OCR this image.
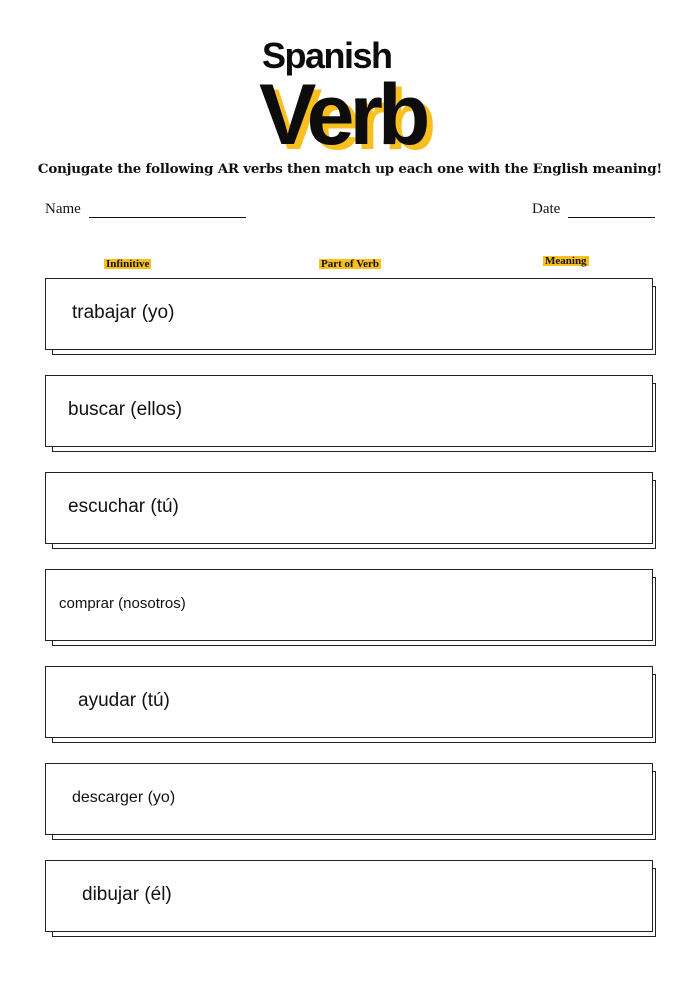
Spanish
Verb
Conjugate the following AR verbs then match up each one with the English meaning!
Name	Date
Infinitive	Part of Verb	Meaning
trabajar (yo)
buscar (ellos)
escuchar (tú)
comprar (nosotros)
ayudar (tú)
descarger (yo)
dibujar (él)
